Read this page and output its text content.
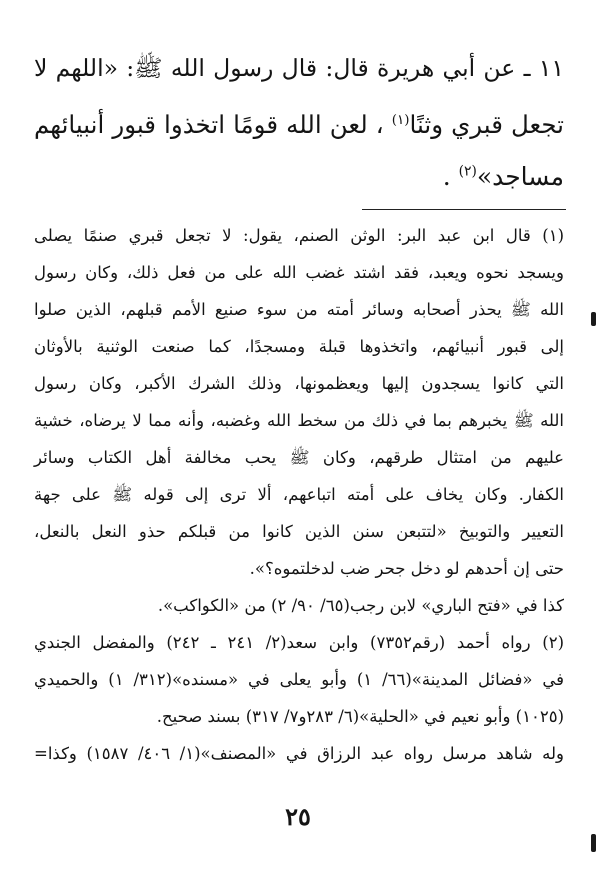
١١ ـ عن أبي هريرة قال: قال رسول الله ﷺ: «اللهم لا
تجعل قبري وثنًا$^{(١)}$ ، لعن الله قومًا اتخذوا قبور أنبيائهم
مساجد»$^{(٢)}$ .
(١) قال ابن عبد البر: الوثن الصنم، يقول: لا تجعل قبري صنمًا يصلى
ويسجد نحوه ويعبد، فقد اشتد غضب الله على من فعل ذلك، وكان رسول
الله ﷺ يحذر أصحابه وسائر أمته من سوء صنيع الأمم قبلهم، الذين صلوا
إلى قبور أنبيائهم، واتخذوها قبلة ومسجدًا، كما صنعت الوثنية بالأوثان
التي كانوا يسجدون إليها ويعظمونها، وذلك الشرك الأكبر، وكان رسول
الله ﷺ يخبرهم بما في ذلك من سخط الله وغضبه، وأنه مما لا يرضاه، خشية
عليهم من امتثال طرقهم، وكان ﷺ يحب مخالفة أهل الكتاب وسائر
الكفار. وكان يخاف على أمته اتباعهم، ألا ترى إلى قوله ﷺ على جهة
التعيير والتوبيخ «لتتبعن سنن الذين كانوا من قبلكم حذو النعل بالنعل،
حتى إن أحدهم لو دخل جحر ضب لدخلتموه؟».
كذا في «فتح الباري» لابن رجب(٦٥/ ٩٠/ ٢) من «الكواكب».
(٢) رواه أحمد (رقم٧٣٥٢) وابن سعد(٢/ ٢٤١ ـ ٢٤٢) والمفضل الجندي
في «فضائل المدينة»(٦٦/ ١) وأبو يعلى في «مسنده»(٣١٢/ ١) والحميدي
(١٠٢٥) وأبو نعيم في «الحلية»(٦/ ٢٨٣و٧/ ٣١٧) بسند صحيح.
وله شاهد مرسل رواه عبد الرزاق في «المصنف»(١/ ٤٠٦/ ١٥٨٧) وكذا=
٢٥
